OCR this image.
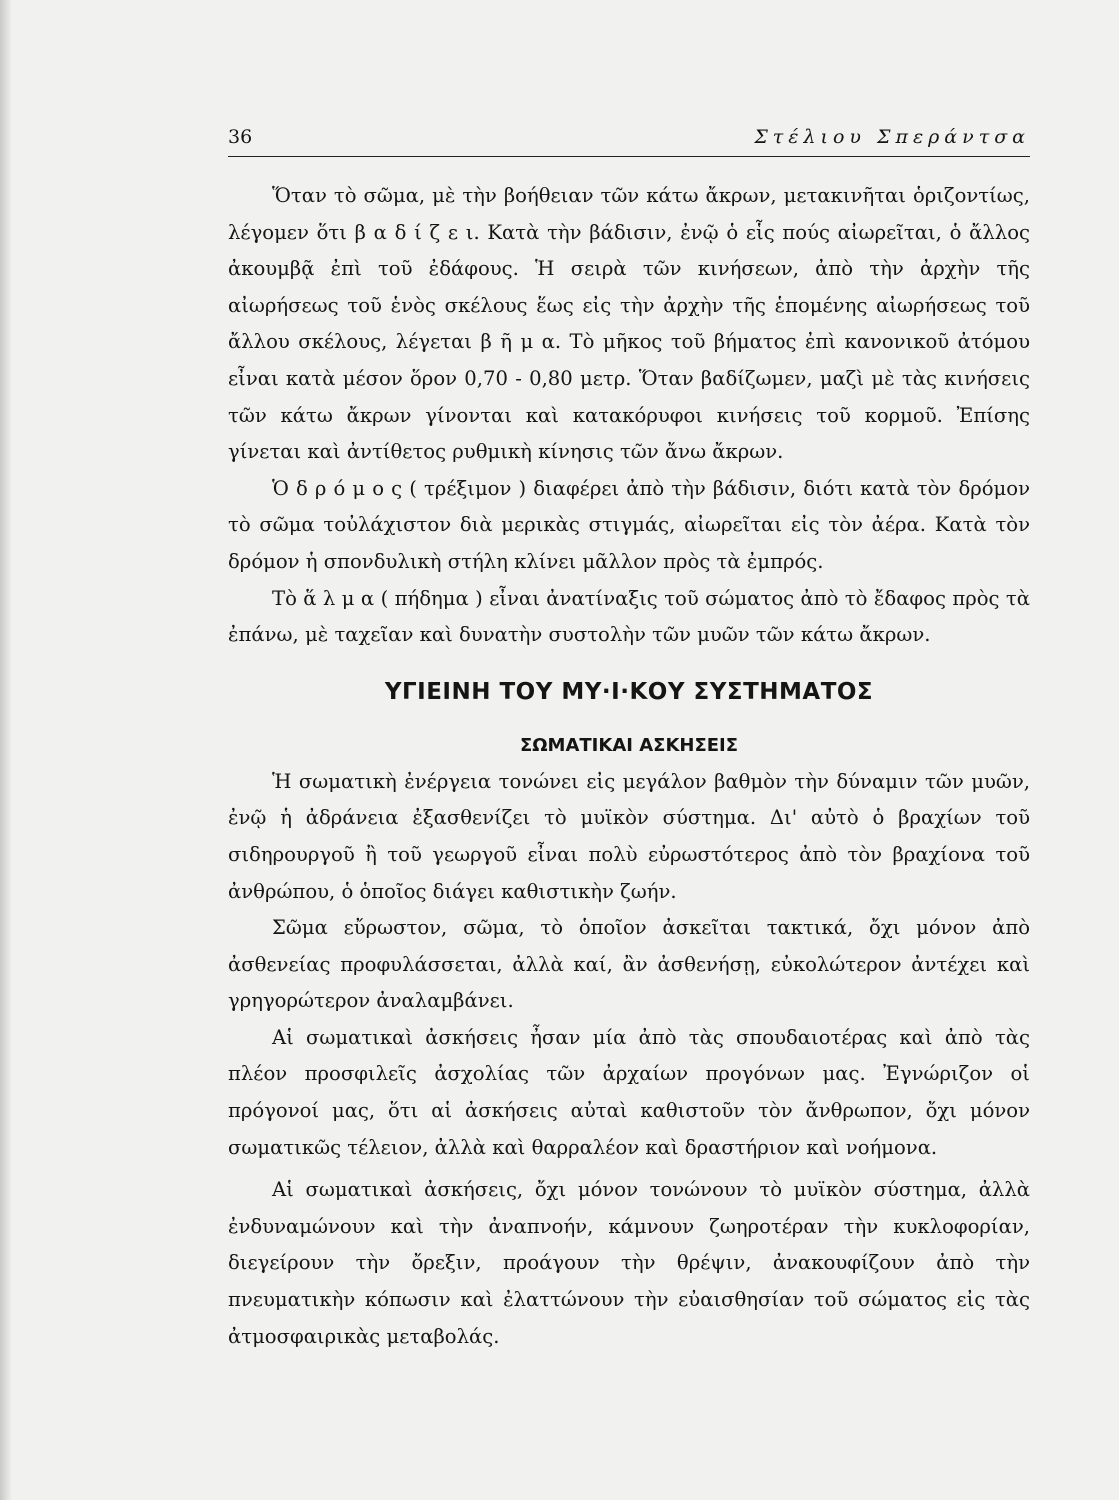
36	Στέλιου Σπεράντσα

Ὅταν τὸ σῶμα, μὲ τὴν βοήθειαν τῶν κάτω ἄκρων, μετακινῆται ὁριζοντίως, λέγομεν ὅτι β α δ ί ζ ε ι. Κατὰ τὴν βάδισιν, ἐνῷ ὁ εἷς πούς αἰωρεῖται, ὁ ἄλλος ἀκουμβᾷ ἐπὶ τοῦ ἐδάφους. Ἡ σειρὰ τῶν κινήσεων, ἀπὸ τὴν ἀρχὴν τῆς αἰωρήσεως τοῦ ἑνὸς σκέλους ἕως εἰς τὴν ἀρχὴν τῆς ἑπομένης αἰωρήσεως τοῦ ἄλλου σκέλους, λέγεται β ῆ μ α. Τὸ μῆκος τοῦ βήματος ἐπὶ κανονικοῦ ἀτόμου εἶναι κατὰ μέσον ὅρον 0,70 - 0,80 μετρ. Ὅταν βαδίζωμεν, μαζὶ μὲ τὰς κινήσεις τῶν κάτω ἄκρων γίνονται καὶ κατακόρυφοι κινήσεις τοῦ κορμοῦ. Ἐπίσης γίνεται καὶ ἀντίθετος ρυθμικὴ κίνησις τῶν ἄνω ἄκρων.

Ὁ δ ρ ό μ ο ς ( τρέξιμον ) διαφέρει ἀπὸ τὴν βάδισιν, διότι κατὰ τὸν δρόμον τὸ σῶμα τοὐλάχιστον διὰ μερικὰς στιγμάς, αἰωρεῖται εἰς τὸν ἀέρα. Κατὰ τὸν δρόμον ἡ σπονδυλικὴ στήλη κλίνει μᾶλλον πρὸς τὰ ἐμπρός.

Τὸ ἅ λ μ α ( πήδημα ) εἶναι ἀνατίναξις τοῦ σώματος ἀπὸ τὸ ἔδαφος πρὸς τὰ ἐπάνω, μὲ ταχεῖαν καὶ δυνατὴν συστολὴν τῶν μυῶν τῶν κάτω ἄκρων.

ΥΓΙΕΙΝΗ ΤΟΥ ΜΥ·Ι·ΚΟΥ ΣΥΣΤΗΜΑΤΟΣ
ΣΩΜΑΤΙΚΑΙ ΑΣΚΗΣΕΙΣ

Ἡ σωματικὴ ἐνέργεια τονώνει εἰς μεγάλον βαθμὸν τὴν δύναμιν τῶν μυῶν, ἐνῷ ἡ ἀδράνεια ἐξασθενίζει τὸ μυϊκὸν σύστημα. Δι' αὐτὸ ὁ βραχίων τοῦ σιδηρουργοῦ ἢ τοῦ γεωργοῦ εἶναι πολὺ εὐρωστότερος ἀπὸ τὸν βραχίονα τοῦ ἀνθρώπου, ὁ ὁποῖος διάγει καθιστικὴν ζωήν.

Σῶμα εὔρωστον, σῶμα, τὸ ὁποῖον ἀσκεῖται τακτικά, ὄχι μόνον ἀπὸ ἀσθενείας προφυλάσσεται, ἀλλὰ καί, ἂν ἀσθενήσῃ, εὐκολώτερον ἀντέχει καὶ γρηγορώτερον ἀναλαμβάνει.

Αἱ σωματικαὶ ἀσκήσεις ἦσαν μία ἀπὸ τὰς σπουδαιοτέρας καὶ ἀπὸ τὰς πλέον προσφιλεῖς ἀσχολίας τῶν ἀρχαίων προγόνων μας. Ἐγνώριζον οἱ πρόγονοί μας, ὅτι αἱ ἀσκήσεις αὐταὶ καθιστοῦν τὸν ἄνθρωπον, ὄχι μόνον σωματικῶς τέλειον, ἀλλὰ καὶ θαρραλέον καὶ δραστήριον καὶ νοήμονα.

Αἱ σωματικαὶ ἀσκήσεις, ὄχι μόνον τονώνουν τὸ μυϊκὸν σύστημα, ἀλλὰ ἐνδυναμώνουν καὶ τὴν ἀναπνοήν, κάμνουν ζωηροτέραν τὴν κυκλοφορίαν, διεγείρουν τὴν ὄρεξιν, προάγουν τὴν θρέψιν, ἀνακουφίζουν ἀπὸ τὴν πνευματικὴν κόπωσιν καὶ ἐλαττώνουν τὴν εὐαισθησίαν τοῦ σώματος εἰς τὰς ἀτμοσφαιρικὰς μεταβολάς.
